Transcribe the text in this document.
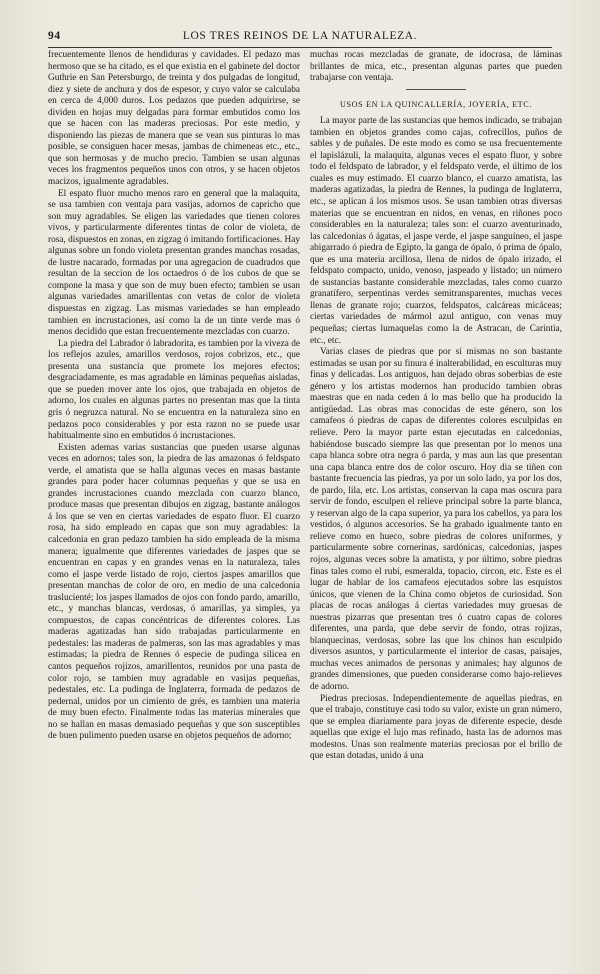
94	LOS TRES REINOS DE LA NATURALEZA.

frecuentemente llenos de hendiduras y cavidades. El pedazo mas hermoso que se ha citado, es el que existia en el gabinete del doctor Guthrie en San Petersburgo, de treinta y dos pulgadas de longitud, diez y siete de anchura y dos de espesor, y cuyo valor se calculaba en cerca de 4,000 duros. Los pedazos que pueden adquirirse, se dividen en hojas muy delgadas para formar embutidos como los que se hacen con las maderas preciosas. Por este medio, y disponiendo las piezas de manera que se vean sus pinturas lo mas posible, se consiguen hacer mesas, jambas de chimeneas etc., etc., que son hermosas y de mucho precio. Tambien se usan algunas veces los fragmentos pequeños unos con otros, y se hacen objetos macizos, igualmente agradables.

El espato fluor mucho menos raro en general que la malaquita, se usa tambien con ventaja para vasijas, adornos de capricho que son muy agradables. Se eligen las variedades que tienen colores vivos, y particularmente diferentes tintas de color de violeta, de rosa, dispuestos en zonas, en zigzag ó imitando fortificaciones. Hay algunas sobre un fondo violeta presentan grandes manchas rosadas, de lustre nacarado, formadas por una agregacion de cuadrados que resultan de la seccion de los octaedros ó de los cubos de que se compone la masa y que son de muy buen efecto; tambien se usan algunas variedades amarillentas con vetas de color de violeta dispuestas en zigzag. Las mismas variedades se han empleado tambien en incrustaciones, así como la de un tinte verde mas ó menos decidido que estan frecuentemente mezcladas con cuarzo.

La piedra del Labrador ó labradorita, es tambien por la viveza de los reflejos azules, amarillos verdosos, rojos cobrizos, etc., que presenta una sustancia que promete los mejores efectos; desgraciadamente, es mas agradable en láminas pequeñas aisladas, que se pueden mover ante los ojos, que trabajada en objetos de adorno, los cuales en algunas partes no presentan mas que la tinta gris ó negruzca natural. No se encuentra en la naturaleza sino en pedazos poco considerables y por esta razon no se puede usar habitualmente sino en embutidos ó incrustaciones.

Existen ademas varias sustancias que pueden usarse algunas veces en adornos; tales son, la piedra de las amazonas ó feldspato verde, el amatista que se halla algunas veces en masas bastante grandes para poder hacer columnas pequeñas y que se usa en grandes incrustaciones cuando mezclada con cuarzo blanco, produce masas que presentan dibujos en zigzag, bastante análogos á los que se ven en ciertas variedades de espato fluor. El cuarzo rosa, ha sido empleado en capas que son muy agradables: la calcedonia en gran pedazo tambien ha sido empleada de la misma manera; igualmente que diferentes variedades de jaspes que se encuentran en capas y en grandes venas en la naturaleza, tales como el jaspe verde listado de rojo, ciertos jaspes amarillos que presentan manchas de color de oro, en medio de una calcedonia traslucienté; los jaspes llamados de ojos con fondo pardo, amarillo, etc., y manchas blancas, verdosas, ó amarillas, ya simples, ya compuestos, de capas concéntricas de diferentes colores. Las maderas agatizadas han sido trabajadas particularmente en pedestales: las maderas de palmeras, son las mas agradables y mas estimadas; la piedra de Rennes ó especie de pudinga silicea en cantos pequeños rojizos, amarillentos, reunidos por una pasta de color rojo, se tambien muy agradable en vasijas pequeñas, pedestales, etc. La pudinga de Inglaterra, formada de pedazos de pedernal, unidos por un cimiento de grés, es tambien una materia de muy buen efecto. Finalmente todas las materias minerales que no se hallan en masas demasiado pequeñas y que son susceptibles de buen pulimento pueden usarse en objetos pequeños de adorno;

muchas rocas mezcladas de granate, de idocrasa, de láminas brillantes de mica, etc., presentan algunas partes que pueden trabajarse con ventaja.

USOS EN LA QUINCALLERÍA, JOYERÍA, ETC.

La mayor parte de las sustancias que hemos indicado, se trabajan tambien en objetos grandes como cajas, cofrecillos, puños de sables y de puñales. De este modo es como se usa frecuentemente el lapislázuli, la malaquita, algunas veces el espato fluor, y sobre todo el feldspato de labrador, y el feldspato verde, el último de los cuales es muy estimado. El cuarzo blanco, el cuarzo amatista, las maderas agatizadas, la piedra de Rennes, la pudinga de Inglaterra, etc., se aplican á los mismos usos. Se usan tambien otras diversas materias que se encuentran en nidos, en venas, en riñones poco considerables en la naturaleza; tales son: el cuarzo aventurinado, las calcedonias ó ágatas, el jaspe verde, el jaspe sanguíneo, el jaspe abigarrado ó piedra de Egipto, la ganga de ópalo, ó prima de ópalo, que es una materia arcillosa, llena de nidos de ópalo irizado, el feldspato compacto, unido, venoso, jaspeado y listado; un número de sustancias bastante considerable mezcladas, tales como cuarzo granatífero, serpentinas verdes semitransparentes, muchas veces llenas de granate rojo; cuarzos, feldspatos, calcáreas micáceas; ciertas variedades de mármol azul antiguo, con venas muy pequeñas; ciertas lumaquelas como la de Astracan, de Carintia, etc., etc.

Varias clases de piedras que por sí mismas no son bastante estimadas se usan por su finura é inalterabilidad, en esculturas muy finas y delicadas. Los antiguos, han dejado obras soberbias de este género y los artistas modernos han producido tambien obras maestras que en nada ceden á lo mas bello que ha producido la antigüedad. Las obras mas conocidas de este género, son los camafeos ó piedras de capas de diferentes colores esculpidas en relieve. Pero la mayor parte estan ejecutadas en calcedonias, habiéndose buscado siempre las que presentan por lo menos una capa blanca sobre otra negra ó parda, y mas aun las que presentan una capa blanca entre dos de color oscuro. Hoy dia se tiñen con bastante frecuencia las piedras, ya por un solo lado, ya por los dos, de pardo, lila, etc. Los artistas, conservan la capa mas oscura para servir de fondo, esculpen el relieve principal sobre la parte blanca, y reservan algo de la capa superior, ya para los cabellos, ya para los vestidos, ó algunos accesorios. Se ha grabado igualmente tanto en relieve como en hueco, sobre piedras de colores uniformes, y particularmente sobre cornerinas, sardónicas, calcedonias, jaspes rojos, algunas veces sobre la amatista, y por último, sobre piedras finas tales como el rubí, esmeralda, topacio, circon, etc. Este es el lugar de hablar de los camafeos ejecutados sobre las esquistos únicos, que vienen de la China como objetos de curiosidad. Son placas de rocas análogas á ciertas variedades muy gruesas de nuestras pizarras que presentan tres ó cuatro capas de colores diferentes, una parda, que debe servir de fondo, otras rojizas, blanquecinas, verdosas, sobre las que los chinos han esculpido diversos asuntos, y particularmente el interior de casas, paisajes, muchas veces animados de personas y animales; hay algunos de grandes dimensiones, que pueden considerarse como bajo-relieves de adorno.

Piedras preciosas. Independientemente de aquellas piedras, en que el trabajo, constituye casi todo su valor, existe un gran número, que se emplea diariamente para joyas de diferente especie, desde aquellas que exige el lujo mas refinado, hasta las de adornos mas modestos. Unas son realmente materias preciosas por el brillo de que estan dotadas, unido á una
